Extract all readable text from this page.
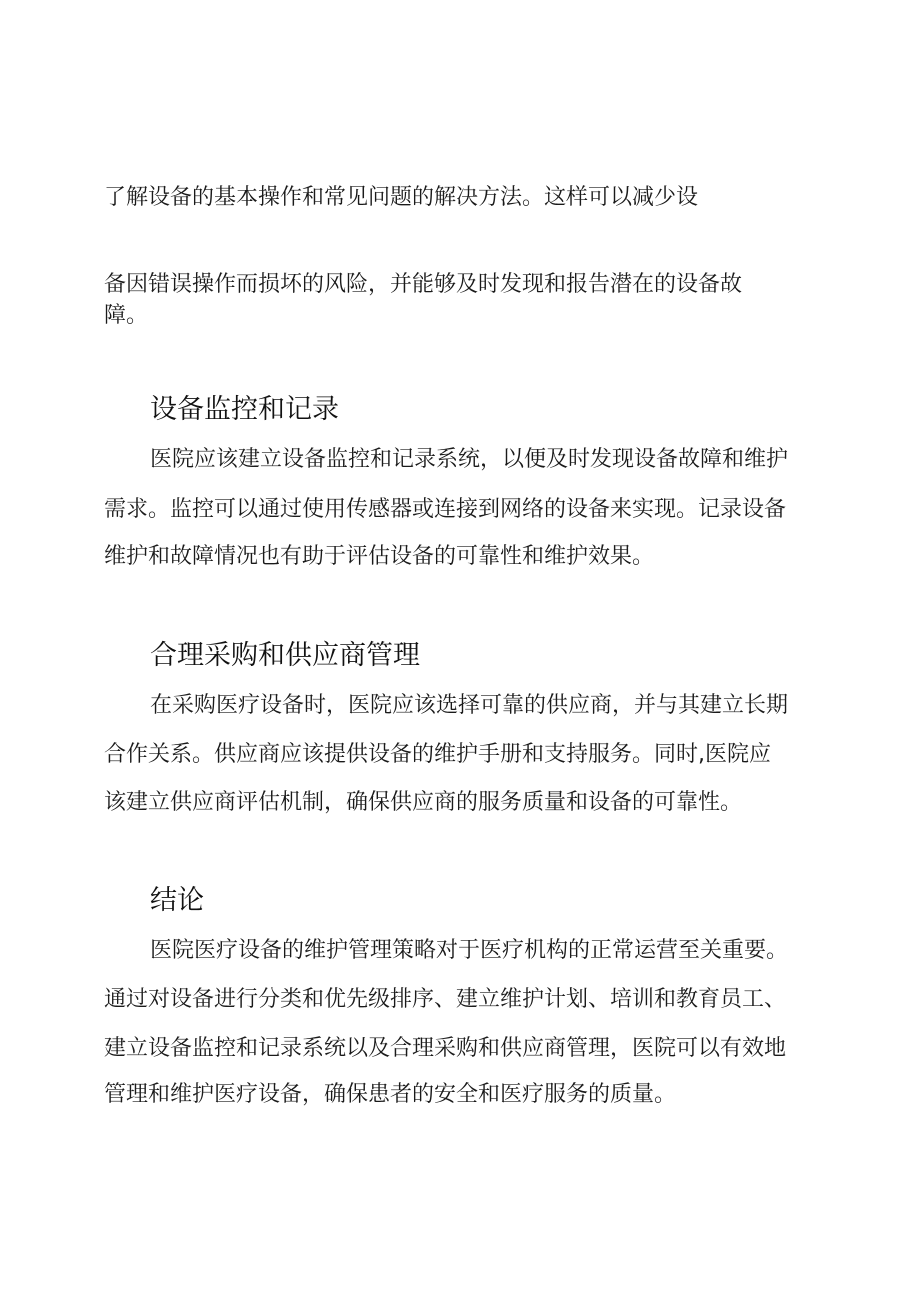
了解设备的基本操作和常见问题的解决方法。这样可以减少设
备因错误操作而损坏的风险，并能够及时发现和报告潜在的设备故
障。
设备监控和记录
医院应该建立设备监控和记录系统，以便及时发现设备故障和维护
需求。监控可以通过使用传感器或连接到网络的设备来实现。记录设备
维护和故障情况也有助于评估设备的可靠性和维护效果。
合理采购和供应商管理
在采购医疗设备时，医院应该选择可靠的供应商，并与其建立长期
合作关系。供应商应该提供设备的维护手册和支持服务。同时,医院应
该建立供应商评估机制，确保供应商的服务质量和设备的可靠性。
结论
医院医疗设备的维护管理策略对于医疗机构的正常运营至关重要。
通过对设备进行分类和优先级排序、建立维护计划、培训和教育员工、
建立设备监控和记录系统以及合理采购和供应商管理，医院可以有效地
管理和维护医疗设备，确保患者的安全和医疗服务的质量。
